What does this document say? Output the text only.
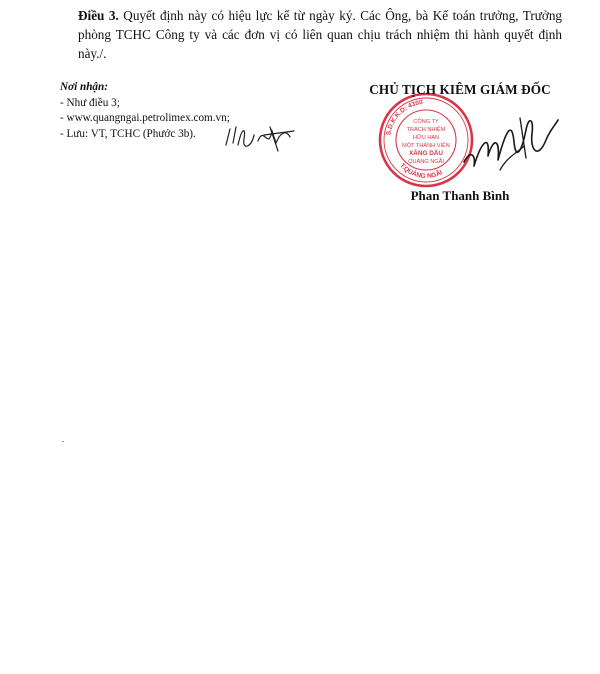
Điều 3. Quyết định này có hiệu lực kể từ ngày ký. Các Ông, bà Kế toán trưởng, Trưởng phòng TCHC Công ty và các đơn vị có liên quan chịu trách nhiệm thi hành quyết định này./.
Nơi nhận:
- Như điều 3;
- www.quangngai.petrolimex.com.vn;
- Lưu: VT, TCHC (Phước 3b).	S.D.K.K.D: 4300
T.QUẢNG NGÃI
CÔNG TY
TRÁCH NHIỆM
HỮU HẠN
MỘT THÀNH VIÊN
XĂNG DẦU
QUẢNG NGÃI
CHỦ TỊCH KIÊM GIÁM ĐỐC
Phan Thanh Bình
